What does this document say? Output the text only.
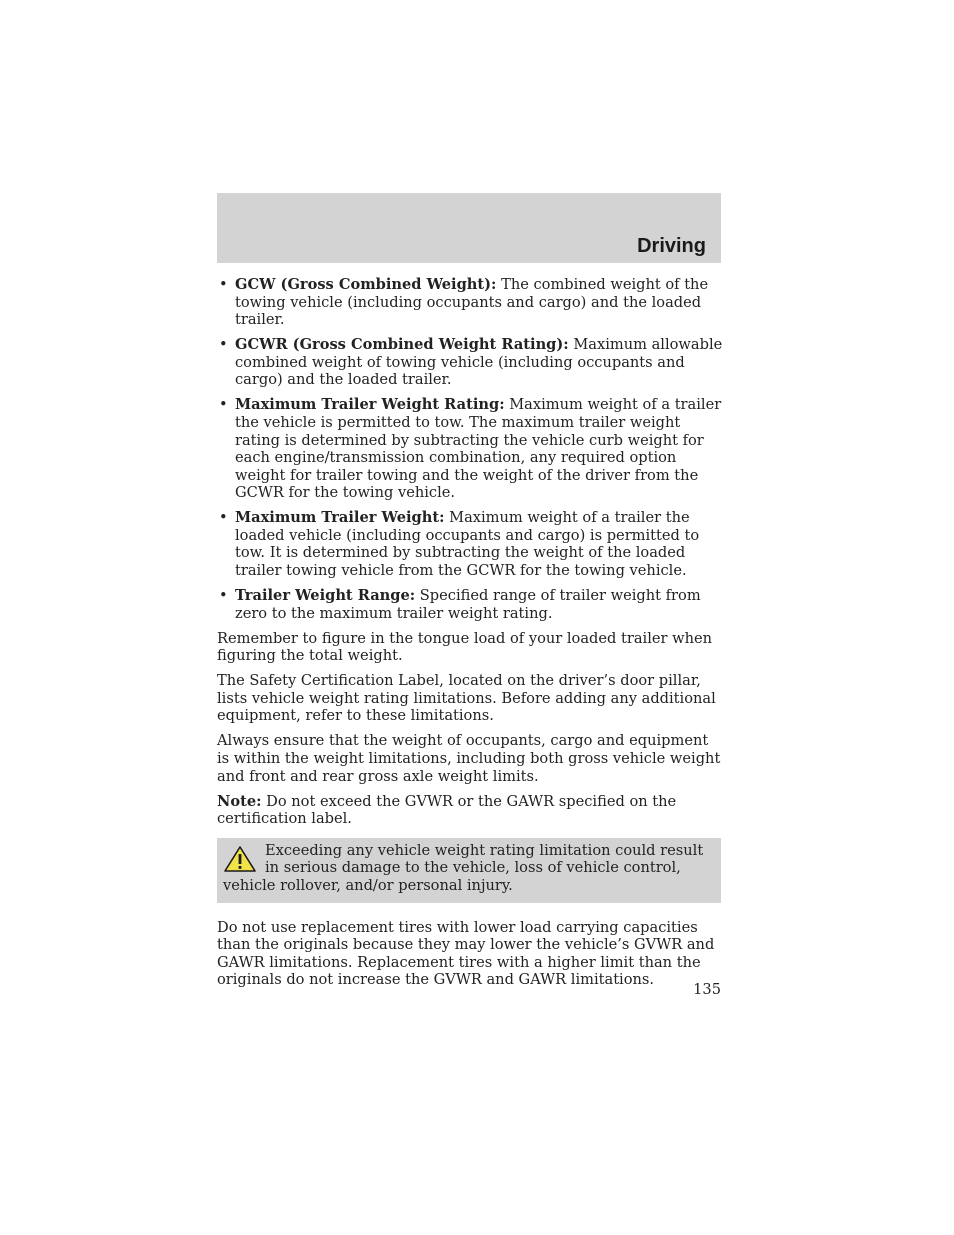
Driving
• GCW (Gross Combined Weight): The combined weight of the towing vehicle (including occupants and cargo) and the loaded trailer.
• GCWR (Gross Combined Weight Rating): Maximum allowable combined weight of towing vehicle (including occupants and cargo) and the loaded trailer.
• Maximum Trailer Weight Rating: Maximum weight of a trailer the vehicle is permitted to tow. The maximum trailer weight rating is determined by subtracting the vehicle curb weight for each engine/transmission combination, any required option weight for trailer towing and the weight of the driver from the GCWR for the towing vehicle.
• Maximum Trailer Weight: Maximum weight of a trailer the loaded vehicle (including occupants and cargo) is permitted to tow. It is determined by subtracting the weight of the loaded trailer towing vehicle from the GCWR for the towing vehicle.
• Trailer Weight Range: Specified range of trailer weight from zero to the maximum trailer weight rating.

Remember to figure in the tongue load of your loaded trailer when figuring the total weight.

The Safety Certification Label, located on the driver’s door pillar, lists vehicle weight rating limitations. Before adding any additional equipment, refer to these limitations.

Always ensure that the weight of occupants, cargo and equipment is within the weight limitations, including both gross vehicle weight and front and rear gross axle weight limits.

Note: Do not exceed the GVWR or the GAWR specified on the certification label.

Exceeding any vehicle weight rating limitation could result in serious damage to the vehicle, loss of vehicle control, vehicle rollover, and/or personal injury.

Do not use replacement tires with lower load carrying capacities than the originals because they may lower the vehicle’s GVWR and GAWR limitations. Replacement tires with a higher limit than the originals do not increase the GVWR and GAWR limitations.

135
